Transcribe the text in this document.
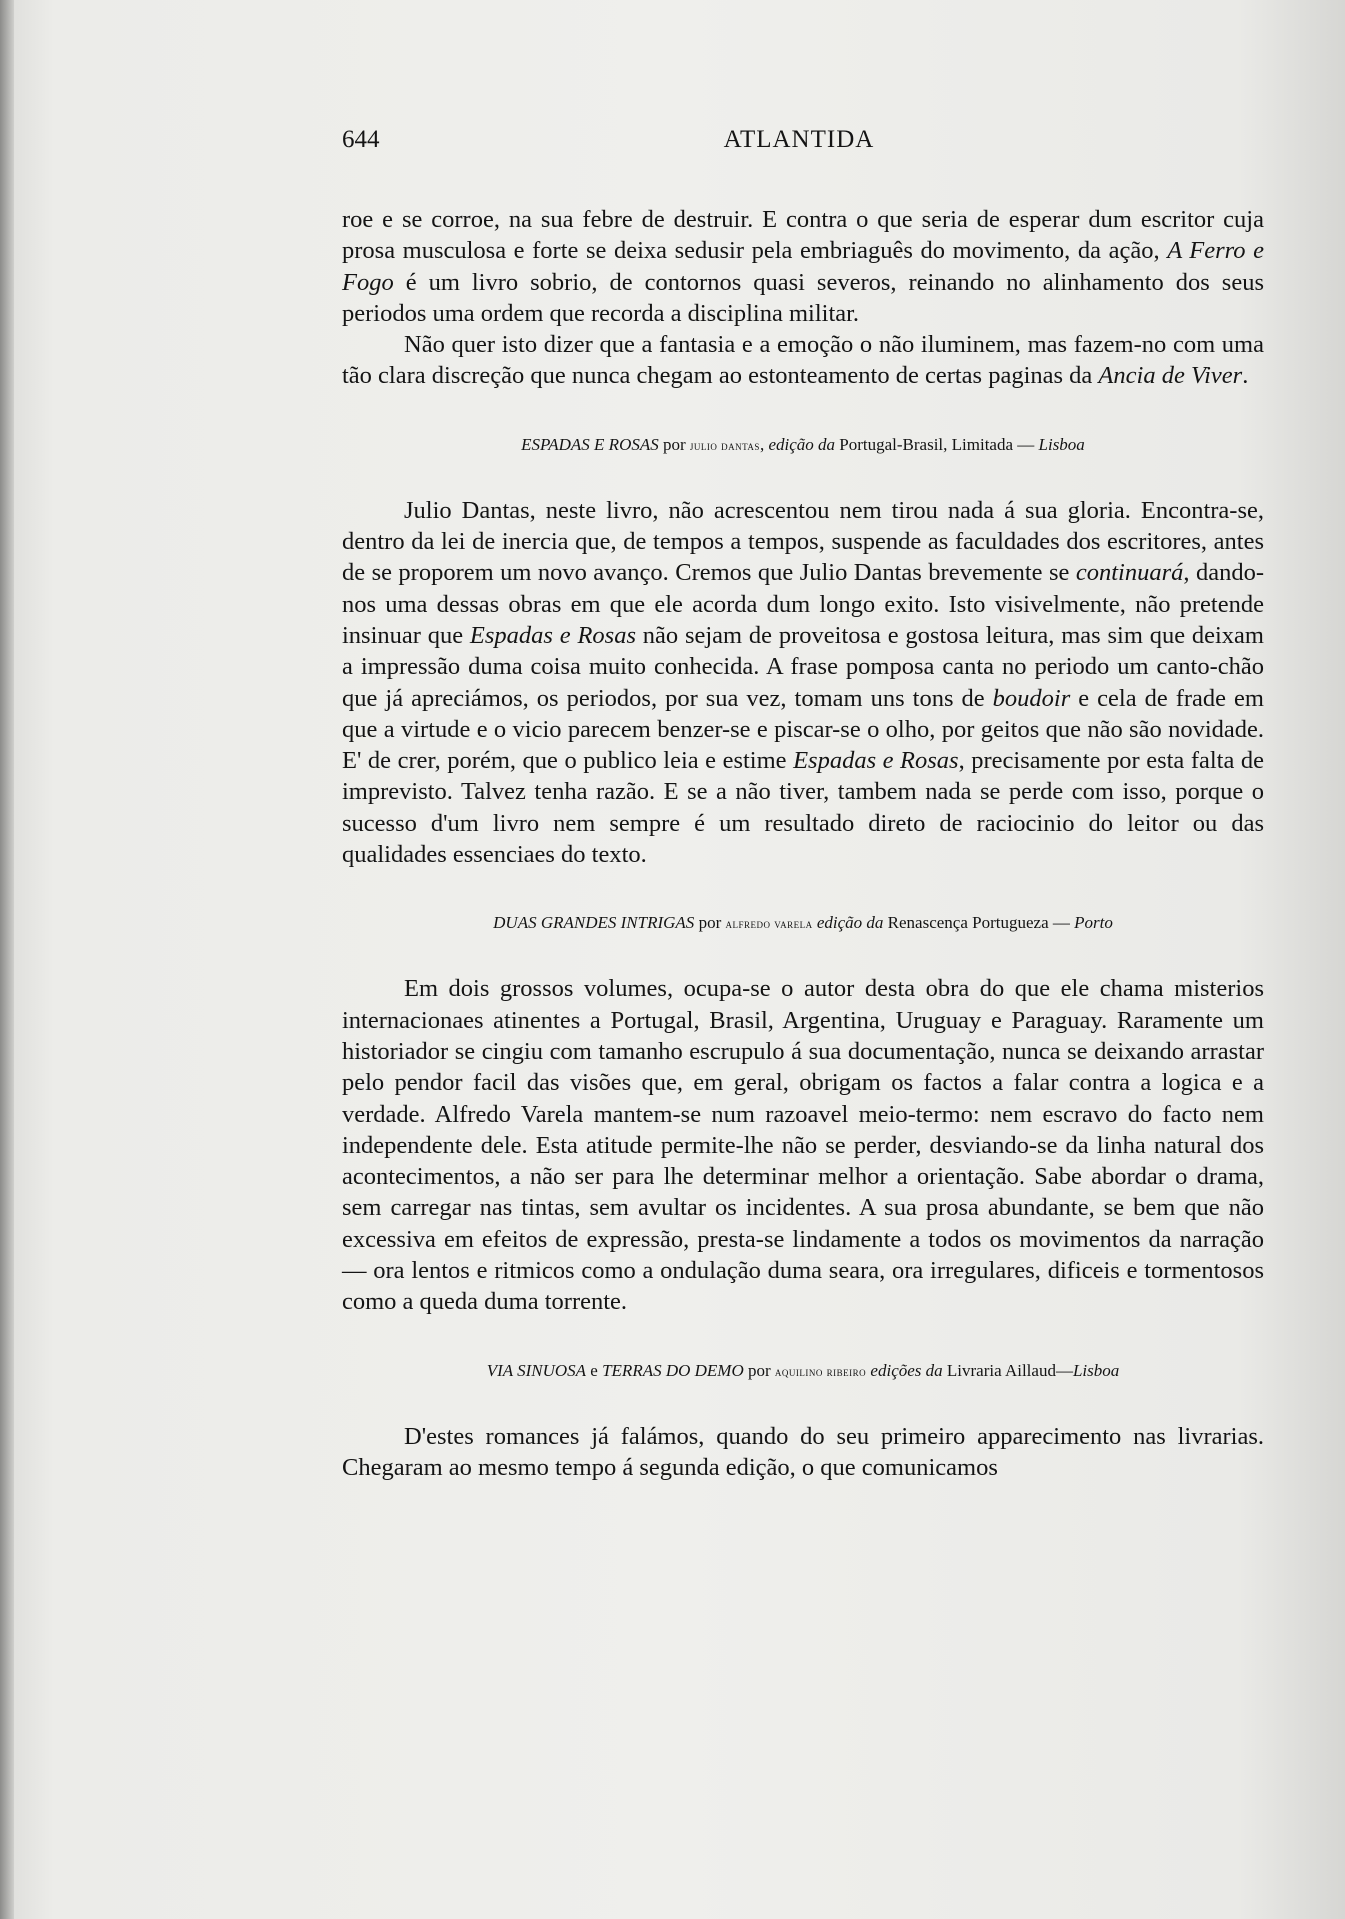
644	ATLANTIDA

roe e se corroe, na sua febre de destruir. E contra o que seria de esperar dum escritor cuja prosa musculosa e forte se deixa sedusir pela embriaguês do movimento, da ação, A Ferro e Fogo é um livro sobrio, de contornos quasi severos, reinando no alinhamento dos seus periodos uma ordem que recorda a disciplina militar.

Não quer isto dizer que a fantasia e a emoção o não iluminem, mas fazem-no com uma tão clara discreção que nunca chegam ao estonteamento de certas paginas da Ancia de Viver.

ESPADAS E ROSAS por julio dantas, edição da Portugal-Brasil, Limitada — Lisboa

Julio Dantas, neste livro, não acrescentou nem tirou nada á sua gloria. Encontra-se, dentro da lei de inercia que, de tempos a tempos, suspende as faculdades dos escritores, antes de se proporem um novo avanço. Cremos que Julio Dantas brevemente se continuará, dando-nos uma dessas obras em que ele acorda dum longo exito. Isto visivelmente, não pretende insinuar que Espadas e Rosas não sejam de proveitosa e gostosa leitura, mas sim que deixam a impressão duma coisa muito conhecida. A frase pomposa canta no periodo um canto-chão que já apreciámos, os periodos, por sua vez, tomam uns tons de boudoir e cela de frade em que a virtude e o vicio parecem benzer-se e piscar-se o olho, por geitos que não são novidade. E' de crer, porém, que o publico leia e estime Espadas e Rosas, precisamente por esta falta de imprevisto. Talvez tenha razão. E se a não tiver, tambem nada se perde com isso, porque o sucesso d'um livro nem sempre é um resultado direto de raciocinio do leitor ou das qualidades essenciaes do texto.

DUAS GRANDES INTRIGAS por alfredo varela edição da Renascença Portugueza — Porto

Em dois grossos volumes, ocupa-se o autor desta obra do que ele chama misterios internacionaes atinentes a Portugal, Brasil, Argentina, Uruguay e Paraguay. Raramente um historiador se cingiu com tamanho escrupulo á sua documentação, nunca se deixando arrastar pelo pendor facil das visões que, em geral, obrigam os factos a falar contra a logica e a verdade. Alfredo Varela mantem-se num razoavel meio-termo: nem escravo do facto nem independente dele. Esta atitude permite-lhe não se perder, desviando-se da linha natural dos acontecimentos, a não ser para lhe determinar melhor a orientação. Sabe abordar o drama, sem carregar nas tintas, sem avultar os incidentes. A sua prosa abundante, se bem que não excessiva em efeitos de expressão, presta-se lindamente a todos os movimentos da narração — ora lentos e ritmicos como a ondulação duma seara, ora irregulares, dificeis e tormentosos como a queda duma torrente.

VIA SINUOSA e TERRAS DO DEMO por aquilino ribeiro edições da Livraria Aillaud—Lisboa

D'estes romances já falámos, quando do seu primeiro apparecimento nas livrarias. Chegaram ao mesmo tempo á segunda edição, o que comunicamos
